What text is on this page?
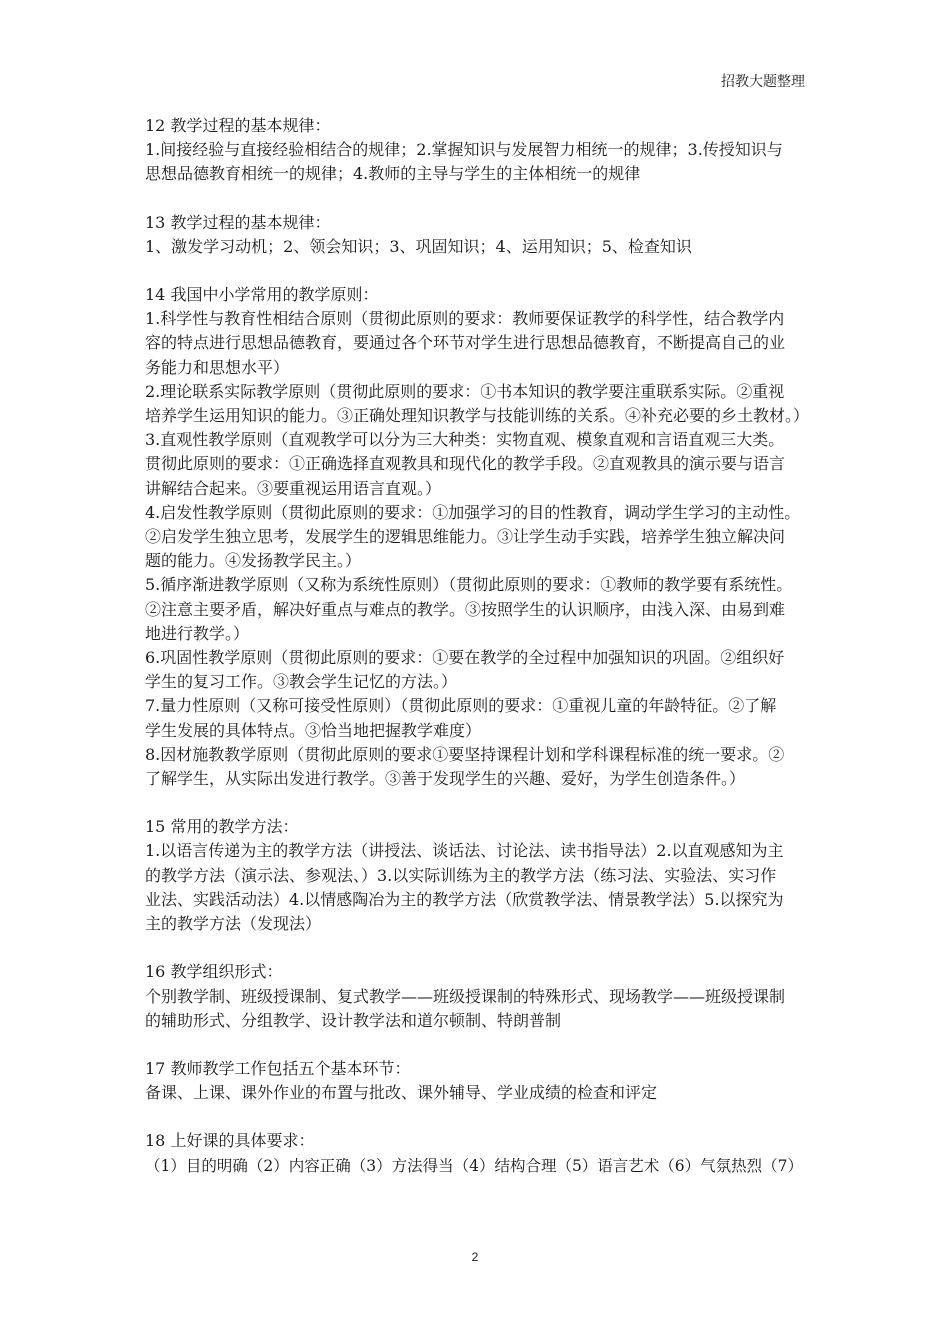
招教大题整理
12 教学过程的基本规律：
1.间接经验与直接经验相结合的规律；2.掌握知识与发展智力相统一的规律；3.传授知识与
思想品德教育相统一的规律；4.教师的主导与学生的主体相统一的规律
13 教学过程的基本规律：
1、激发学习动机；2、领会知识；3、巩固知识；4、运用知识；5、检查知识
14 我国中小学常用的教学原则：
1.科学性与教育性相结合原则（贯彻此原则的要求：教师要保证教学的科学性，结合教学内
容的特点进行思想品德教育，要通过各个环节对学生进行思想品德教育，不断提高自己的业
务能力和思想水平）
2.理论联系实际教学原则（贯彻此原则的要求：①书本知识的教学要注重联系实际。②重视
培养学生运用知识的能力。③正确处理知识教学与技能训练的关系。④补充必要的乡土教材。）
3.直观性教学原则（直观教学可以分为三大种类：实物直观、模象直观和言语直观三大类。
贯彻此原则的要求：①正确选择直观教具和现代化的教学手段。②直观教具的演示要与语言
讲解结合起来。③要重视运用语言直观。）
4.启发性教学原则（贯彻此原则的要求：①加强学习的目的性教育，调动学生学习的主动性。
②启发学生独立思考，发展学生的逻辑思维能力。③让学生动手实践，培养学生独立解决问
题的能力。④发扬教学民主。）
5.循序渐进教学原则（又称为系统性原则）（贯彻此原则的要求：①教师的教学要有系统性。
②注意主要矛盾，解决好重点与难点的教学。③按照学生的认识顺序，由浅入深、由易到难
地进行教学。）
6.巩固性教学原则（贯彻此原则的要求：①要在教学的全过程中加强知识的巩固。②组织好
学生的复习工作。③教会学生记忆的方法。）
7.量力性原则（又称可接受性原则）（贯彻此原则的要求：①重视儿童的年龄特征。②了解
学生发展的具体特点。③恰当地把握教学难度）
8.因材施教教学原则（贯彻此原则的要求①要坚持课程计划和学科课程标准的统一要求。②
了解学生，从实际出发进行教学。③善于发现学生的兴趣、爱好，为学生创造条件。）
15 常用的教学方法：
1.以语言传递为主的教学方法（讲授法、谈话法、讨论法、读书指导法）2.以直观感知为主
的教学方法（演示法、参观法、）3.以实际训练为主的教学方法（练习法、实验法、实习作
业法、实践活动法）4.以情感陶冶为主的教学方法（欣赏教学法、情景教学法）5.以探究为
主的教学方法（发现法）
16 教学组织形式：
个别教学制、班级授课制、复式教学——班级授课制的特殊形式、现场教学——班级授课制
的辅助形式、分组教学、设计教学法和道尔顿制、特朗普制
17 教师教学工作包括五个基本环节：
备课、上课、课外作业的布置与批改、课外辅导、学业成绩的检查和评定
18 上好课的具体要求：
（1）目的明确（2）内容正确（3）方法得当（4）结构合理（5）语言艺术（6）气氛热烈（7）
2
